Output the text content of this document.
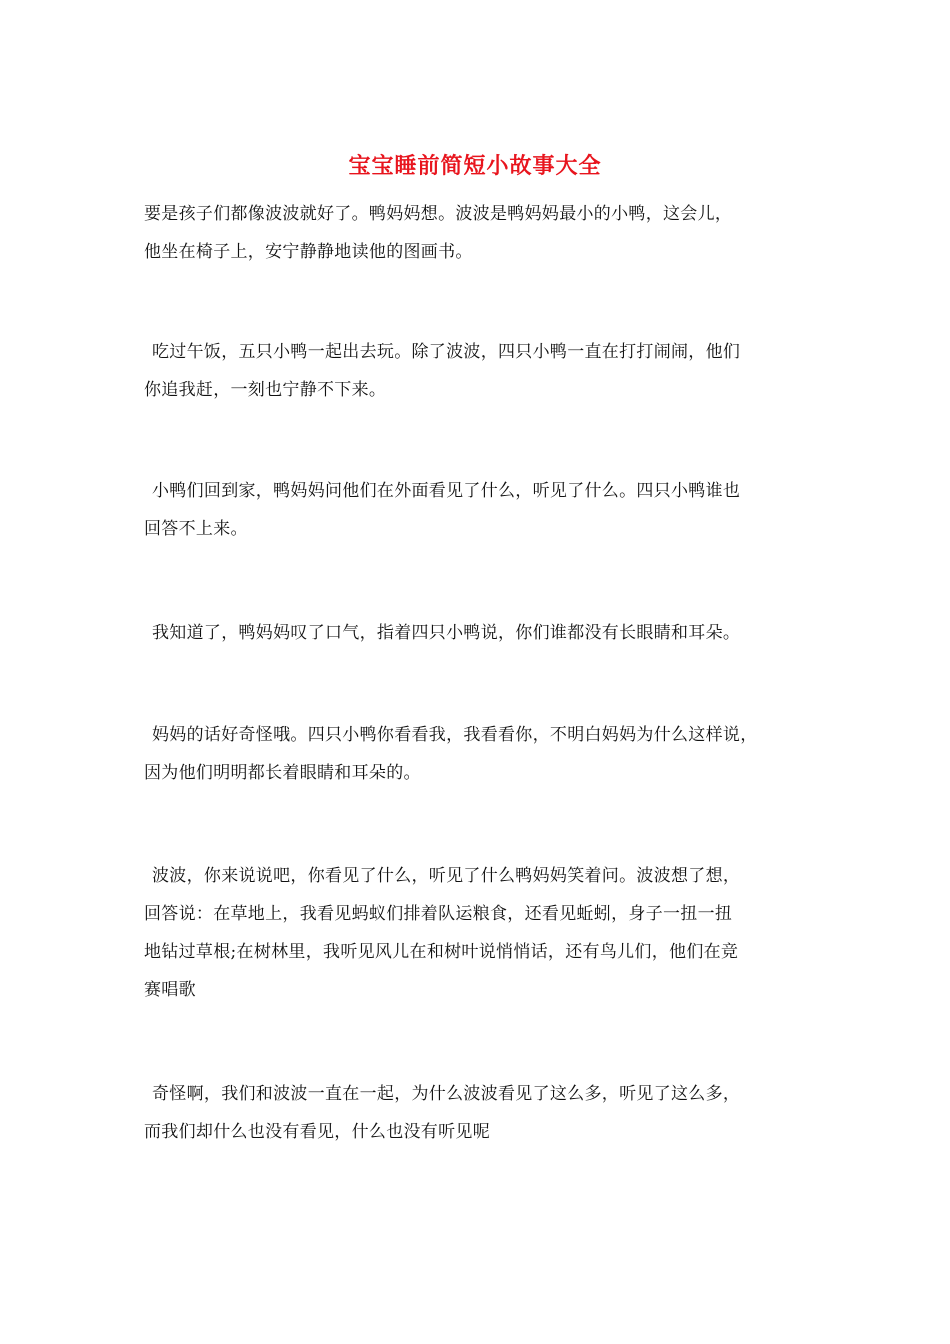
宝宝睡前简短小故事大全
要是孩子们都像波波就好了。鸭妈妈想。波波是鸭妈妈最小的小鸭，这会儿，
他坐在椅子上，安宁静静地读他的图画书。
吃过午饭，五只小鸭一起出去玩。除了波波，四只小鸭一直在打打闹闹，他们
你追我赶，一刻也宁静不下来。
小鸭们回到家，鸭妈妈问他们在外面看见了什么，听见了什么。四只小鸭谁也
回答不上来。
我知道了，鸭妈妈叹了口气，指着四只小鸭说，你们谁都没有长眼睛和耳朵。
妈妈的话好奇怪哦。四只小鸭你看看我，我看看你，不明白妈妈为什么这样说，
因为他们明明都长着眼睛和耳朵的。
波波，你来说说吧，你看见了什么，听见了什么鸭妈妈笑着问。波波想了想，
回答说：在草地上，我看见蚂蚁们排着队运粮食，还看见蚯蚓，身子一扭一扭
地钻过草根;在树林里，我听见风儿在和树叶说悄悄话，还有鸟儿们，他们在竞
赛唱歌
奇怪啊，我们和波波一直在一起，为什么波波看见了这么多，听见了这么多，
而我们却什么也没有看见，什么也没有听见呢
